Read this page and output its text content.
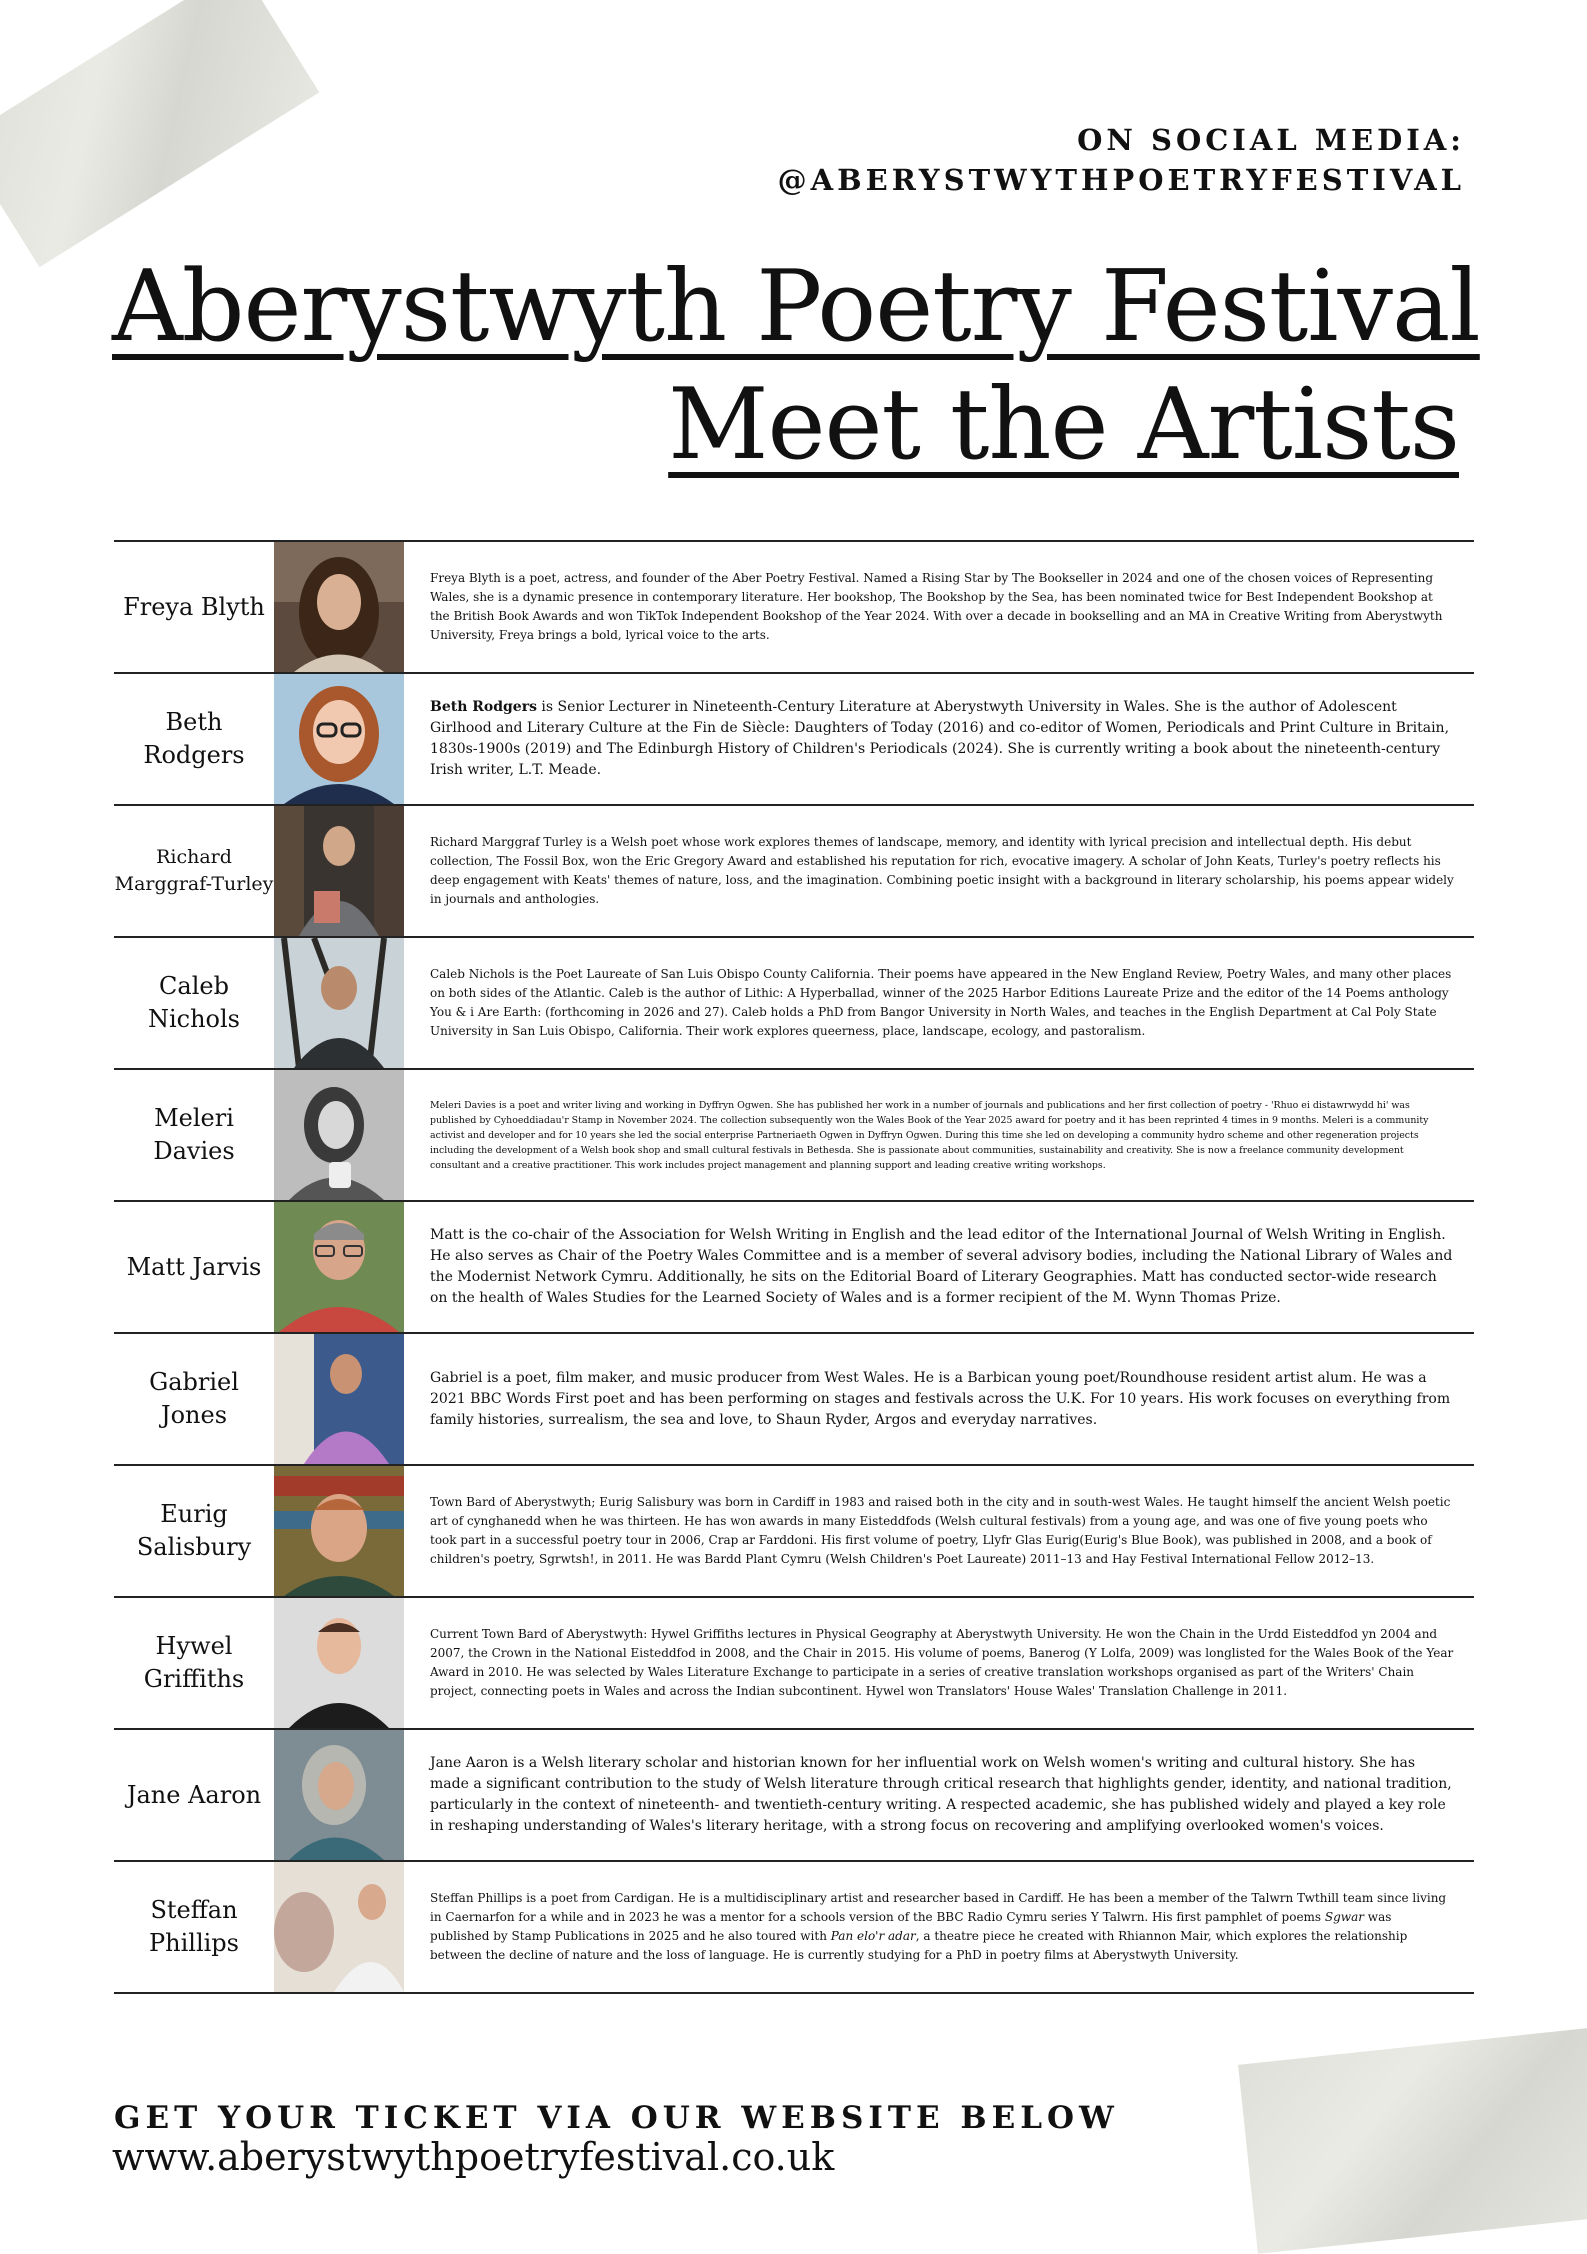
ON SOCIAL MEDIA:
@ABERYSTWYTHPOETRYFESTIVAL
Aberystwyth Poetry Festival
Meet the Artists
Freya Blyth
Freya Blyth is a poet, actress, and founder of the Aber Poetry Festival. Named a Rising Star by The Bookseller in 2024 and one of the chosen voices of Representing Wales, she is a dynamic presence in contemporary literature. Her bookshop, The Bookshop by the Sea, has been nominated twice for Best Independent Bookshop at the British Book Awards and won TikTok Independent Bookshop of the Year 2024. With over a decade in bookselling and an MA in Creative Writing from Aberystwyth University, Freya brings a bold, lyrical voice to the arts.
Beth Rodgers
Beth Rodgers is Senior Lecturer in Nineteenth-Century Literature at Aberystwyth University in Wales. She is the author of Adolescent Girlhood and Literary Culture at the Fin de Siècle: Daughters of Today (2016) and co-editor of Women, Periodicals and Print Culture in Britain, 1830s-1900s (2019) and The Edinburgh History of Children's Periodicals (2024). She is currently writing a book about the nineteenth-century Irish writer, L.T. Meade.
Richard Marggraf-Turley
Richard Marggraf Turley is a Welsh poet whose work explores themes of landscape, memory, and identity with lyrical precision and intellectual depth. His debut collection, The Fossil Box, won the Eric Gregory Award and established his reputation for rich, evocative imagery. A scholar of John Keats, Turley's poetry reflects his deep engagement with Keats' themes of nature, loss, and the imagination. Combining poetic insight with a background in literary scholarship, his poems appear widely in journals and anthologies.
Caleb Nichols
Caleb Nichols is the Poet Laureate of San Luis Obispo County California. Their poems have appeared in the New England Review, Poetry Wales, and many other places on both sides of the Atlantic. Caleb is the author of Lithic: A Hyperballad, winner of the 2025 Harbor Editions Laureate Prize and the editor of the 14 Poems anthology You & i Are Earth: (forthcoming in 2026 and 27). Caleb holds a PhD from Bangor University in North Wales, and teaches in the English Department at Cal Poly State University in San Luis Obispo, California. Their work explores queerness, place, landscape, ecology, and pastoralism.
Meleri Davies
Meleri Davies is a poet and writer living and working in Dyffryn Ogwen. She has published her work in a number of journals and publications and her first collection of poetry - 'Rhuo ei distawrwydd hi' was published by Cyhoeddiadau'r Stamp in November 2024. The collection subsequently won the Wales Book of the Year 2025 award for poetry and it has been reprinted 4 times in 9 months. Meleri is a community activist and developer and for 10 years she led the social enterprise Partneriaeth Ogwen in Dyffryn Ogwen. During this time she led on developing a community hydro scheme and other regeneration projects including the development of a Welsh book shop and small cultural festivals in Bethesda. She is passionate about communities, sustainability and creativity. She is now a freelance community development consultant and a creative practitioner. This work includes project management and planning support and leading creative writing workshops.
Matt Jarvis
Matt is the co-chair of the Association for Welsh Writing in English and the lead editor of the International Journal of Welsh Writing in English. He also serves as Chair of the Poetry Wales Committee and is a member of several advisory bodies, including the National Library of Wales and the Modernist Network Cymru. Additionally, he sits on the Editorial Board of Literary Geographies. Matt has conducted sector-wide research on the health of Wales Studies for the Learned Society of Wales and is a former recipient of the M. Wynn Thomas Prize.
Gabriel Jones
Gabriel is a poet, film maker, and music producer from West Wales. He is a Barbican young poet/Roundhouse resident artist alum. He was a 2021 BBC Words First poet and has been performing on stages and festivals across the U.K. For 10 years. His work focuses on everything from family histories, surrealism, the sea and love, to Shaun Ryder, Argos and everyday narratives.
Eurig Salisbury
Town Bard of Aberystwyth; Eurig Salisbury was born in Cardiff in 1983 and raised both in the city and in south-west Wales. He taught himself the ancient Welsh poetic art of cynghanedd when he was thirteen. He has won awards in many Eisteddfods (Welsh cultural festivals) from a young age, and was one of five young poets who took part in a successful poetry tour in 2006, Crap ar Farddoni. His first volume of poetry, Llyfr Glas Eurig(Eurig's Blue Book), was published in 2008, and a book of children's poetry, Sgrwtsh!, in 2011. He was Bardd Plant Cymru (Welsh Children's Poet Laureate) 2011–13 and Hay Festival International Fellow 2012–13.
Hywel Griffiths
Current Town Bard of Aberystwyth: Hywel Griffiths lectures in Physical Geography at Aberystwyth University. He won the Chain in the Urdd Eisteddfod yn 2004 and 2007, the Crown in the National Eisteddfod in 2008, and the Chair in 2015. His volume of poems, Banerog (Y Lolfa, 2009) was longlisted for the Wales Book of the Year Award in 2010. He was selected by Wales Literature Exchange to participate in a series of creative translation workshops organised as part of the Writers' Chain project, connecting poets in Wales and across the Indian subcontinent. Hywel won Translators' House Wales' Translation Challenge in 2011.
Jane Aaron
Jane Aaron is a Welsh literary scholar and historian known for her influential work on Welsh women's writing and cultural history. She has made a significant contribution to the study of Welsh literature through critical research that highlights gender, identity, and national tradition, particularly in the context of nineteenth- and twentieth-century writing. A respected academic, she has published widely and played a key role in reshaping understanding of Wales's literary heritage, with a strong focus on recovering and amplifying overlooked women's voices.
Steffan Phillips
Steffan Phillips is a poet from Cardigan. He is a multidisciplinary artist and researcher based in Cardiff. He has been a member of the Talwrn Twthill team since living in Caernarfon for a while and in 2023 he was a mentor for a schools version of the BBC Radio Cymru series Y Talwrn. His first pamphlet of poems Sgwar was published by Stamp Publications in 2025 and he also toured with Pan elo'r adar, a theatre piece he created with Rhiannon Mair, which explores the relationship between the decline of nature and the loss of language. He is currently studying for a PhD in poetry films at Aberystwyth University.
GET YOUR TICKET VIA OUR WEBSITE BELOW
www.aberystwythpoetryfestival.co.uk
